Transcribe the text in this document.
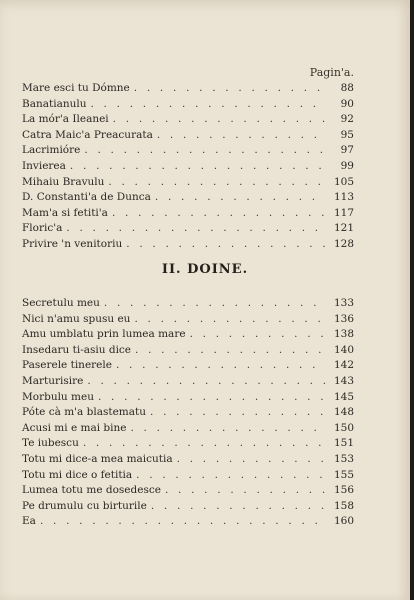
Pagin'a.
Mare esci tu Dómne . . .	88
Banatianulu . . .	90
La mór'a Ileanei . . .	92
Catra Maic'a Preacurata . . .	95
Lacrimióre . . .	97
Invierea . . .	99
Mihaiu Bravulu . . .	105
D. Constanti'a de Dunca . . .	113
Mam'a si fetiti'a . . .	117
Floric'a . . .	121
Privire 'n venitoriu . . .	128
II. DOINE.
Secretulu meu . . .	133
Nici n'amu spusu eu . . .	136
Amu umblatu prin lumea mare . . .	138
Insedaru ti-asiu dice . . .	140
Paserele tinerele . . .	142
Marturisire . . .	143
Morbulu meu . . .	145
Póte cà m'a blastematu . . .	148
Acusi mi e mai bine . . .	150
Te iubescu . . .	151
Totu mi dice-a mea maicutia . . .	153
Totu mi dice o fetitia . . .	155
Lumea totu me dosedesce . . .	156
Pe drumulu cu birturile . . .	158
Ea . . .	160
